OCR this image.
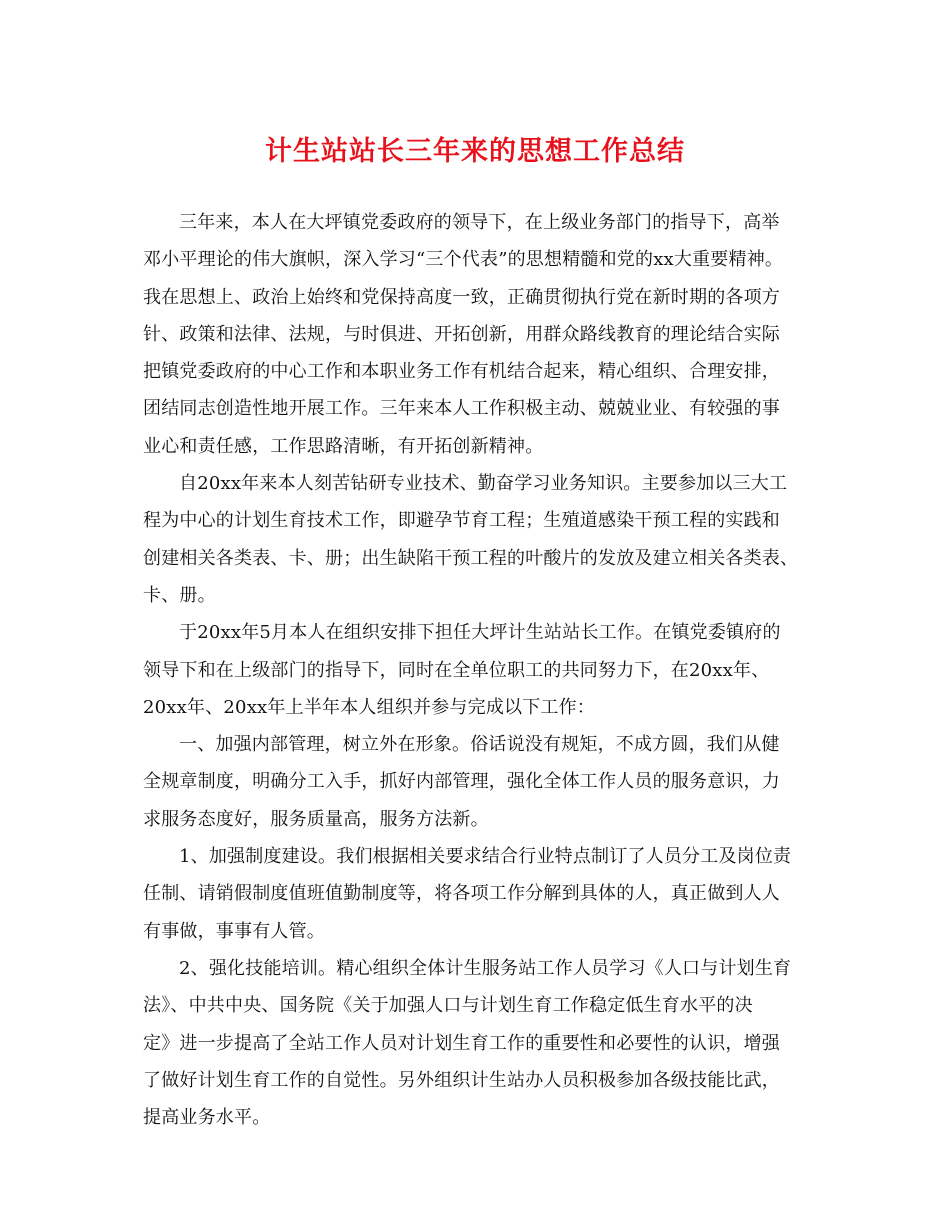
计生站站长三年来的思想工作总结
三年来，本人在大坪镇党委政府的领导下，在上级业务部门的指导下，高举
邓小平理论的伟大旗帜，深入学习“三个代表”的思想精髓和党的xx大重要精神。
我在思想上、政治上始终和党保持高度一致，正确贯彻执行党在新时期的各项方
针、政策和法律、法规，与时俱进、开拓创新，用群众路线教育的理论结合实际
把镇党委政府的中心工作和本职业务工作有机结合起来，精心组织、合理安排，
团结同志创造性地开展工作。三年来本人工作积极主动、兢兢业业、有较强的事
业心和责任感，工作思路清晰，有开拓创新精神。
自20xx年来本人刻苦钻研专业技术、勤奋学习业务知识。主要参加以三大工
程为中心的计划生育技术工作，即避孕节育工程；生殖道感染干预工程的实践和
创建相关各类表、卡、册；出生缺陷干预工程的叶酸片的发放及建立相关各类表、
卡、册。
于20xx年5月本人在组织安排下担任大坪计生站站长工作。在镇党委镇府的
领导下和在上级部门的指导下，同时在全单位职工的共同努力下，在20xx年、
20xx年、20xx年上半年本人组织并参与完成以下工作：
一、加强内部管理，树立外在形象。俗话说没有规矩，不成方圆，我们从健
全规章制度，明确分工入手，抓好内部管理，强化全体工作人员的服务意识，力
求服务态度好，服务质量高，服务方法新。
1、加强制度建设。我们根据相关要求结合行业特点制订了人员分工及岗位责
任制、请销假制度值班值勤制度等，将各项工作分解到具体的人，真正做到人人
有事做，事事有人管。
2、强化技能培训。精心组织全体计生服务站工作人员学习《人口与计划生育
法》、中共中央、国务院《关于加强人口与计划生育工作稳定低生育水平的决
定》进一步提高了全站工作人员对计划生育工作的重要性和必要性的认识，增强
了做好计划生育工作的自觉性。另外组织计生站办人员积极参加各级技能比武，
提高业务水平。
